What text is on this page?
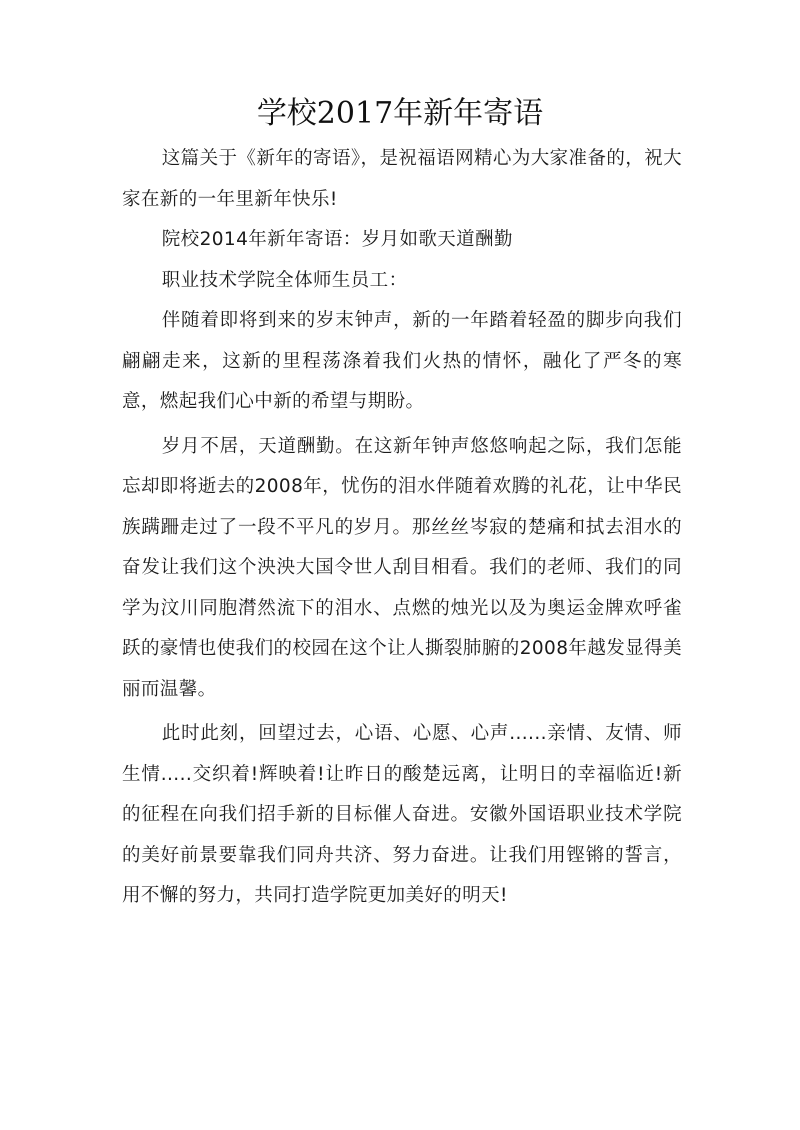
学校2017年新年寄语

这篇关于《新年的寄语》，是祝福语网精心为大家准备的，祝大家在新的一年里新年快乐!

院校2014年新年寄语：岁月如歌天道酬勤

职业技术学院全体师生员工：

伴随着即将到来的岁末钟声，新的一年踏着轻盈的脚步向我们翩翩走来，这新的里程荡涤着我们火热的情怀，融化了严冬的寒意，燃起我们心中新的希望与期盼。

岁月不居，天道酬勤。在这新年钟声悠悠响起之际，我们怎能忘却即将逝去的2008年，忧伤的泪水伴随着欢腾的礼花，让中华民族蹒跚走过了一段不平凡的岁月。那丝丝岑寂的楚痛和拭去泪水的奋发让我们这个泱泱大国令世人刮目相看。我们的老师、我们的同学为汶川同胞潸然流下的泪水、点燃的烛光以及为奥运金牌欢呼雀跃的豪情也使我们的校园在这个让人撕裂肺腑的2008年越发显得美丽而温馨。

此时此刻，回望过去，心语、心愿、心声......亲情、友情、师生情.....交织着!辉映着!让昨日的酸楚远离，让明日的幸福临近!新的征程在向我们招手新的目标催人奋进。安徽外国语职业技术学院的美好前景要靠我们同舟共济、努力奋进。让我们用铿锵的誓言，用不懈的努力，共同打造学院更加美好的明天!
